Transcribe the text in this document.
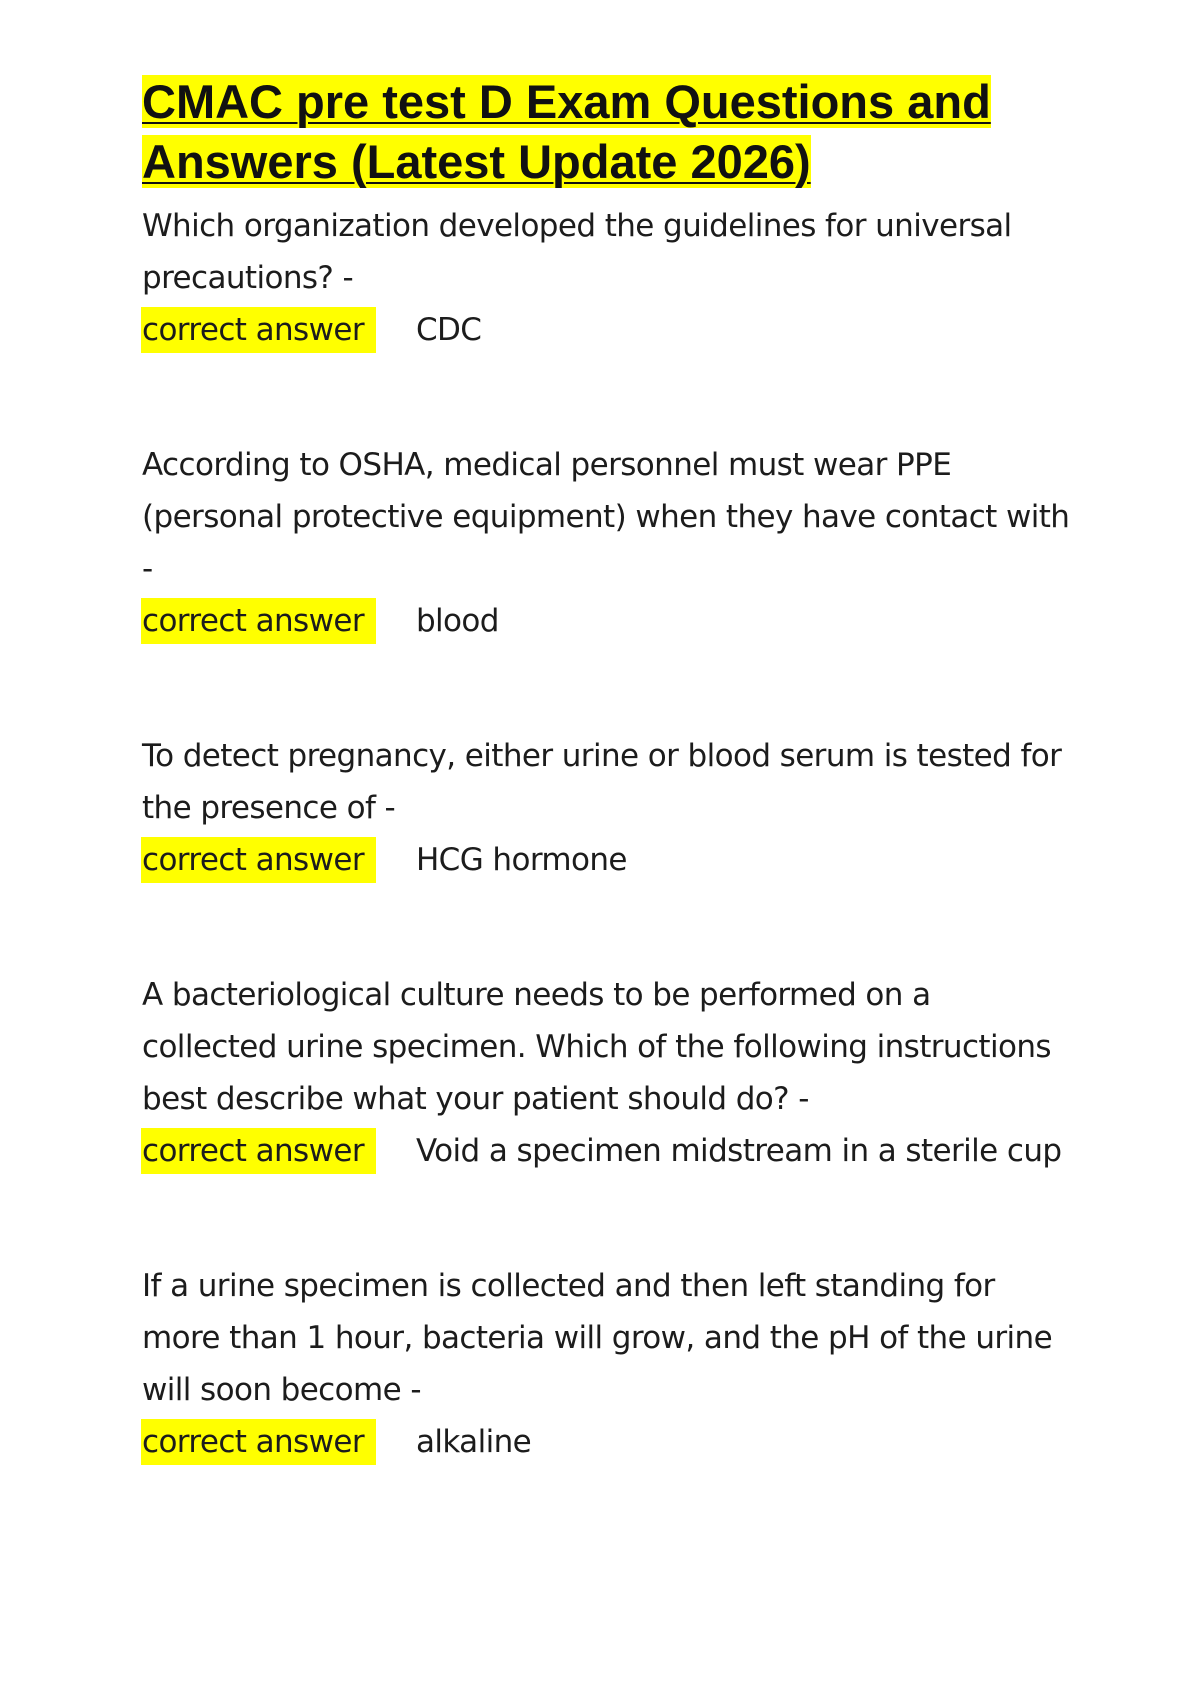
CMAC pre test D Exam Questions and
Answers (Latest Update 2026)

Which organization developed the guidelines for universal precautions? -

correct answer	CDC

According to OSHA, medical personnel must wear PPE (personal protective equipment) when they have contact with -

correct answer	blood

To detect pregnancy, either urine or blood serum is tested for the presence of -

correct answer	HCG hormone

A bacteriological culture needs to be performed on a collected urine specimen. Which of the following instructions best describe what your patient should do? -

correct answer	Void a specimen midstream in a sterile cup

If a urine specimen is collected and then left standing for more than 1 hour, bacteria will grow, and the pH of the urine will soon become -

correct answer	alkaline
